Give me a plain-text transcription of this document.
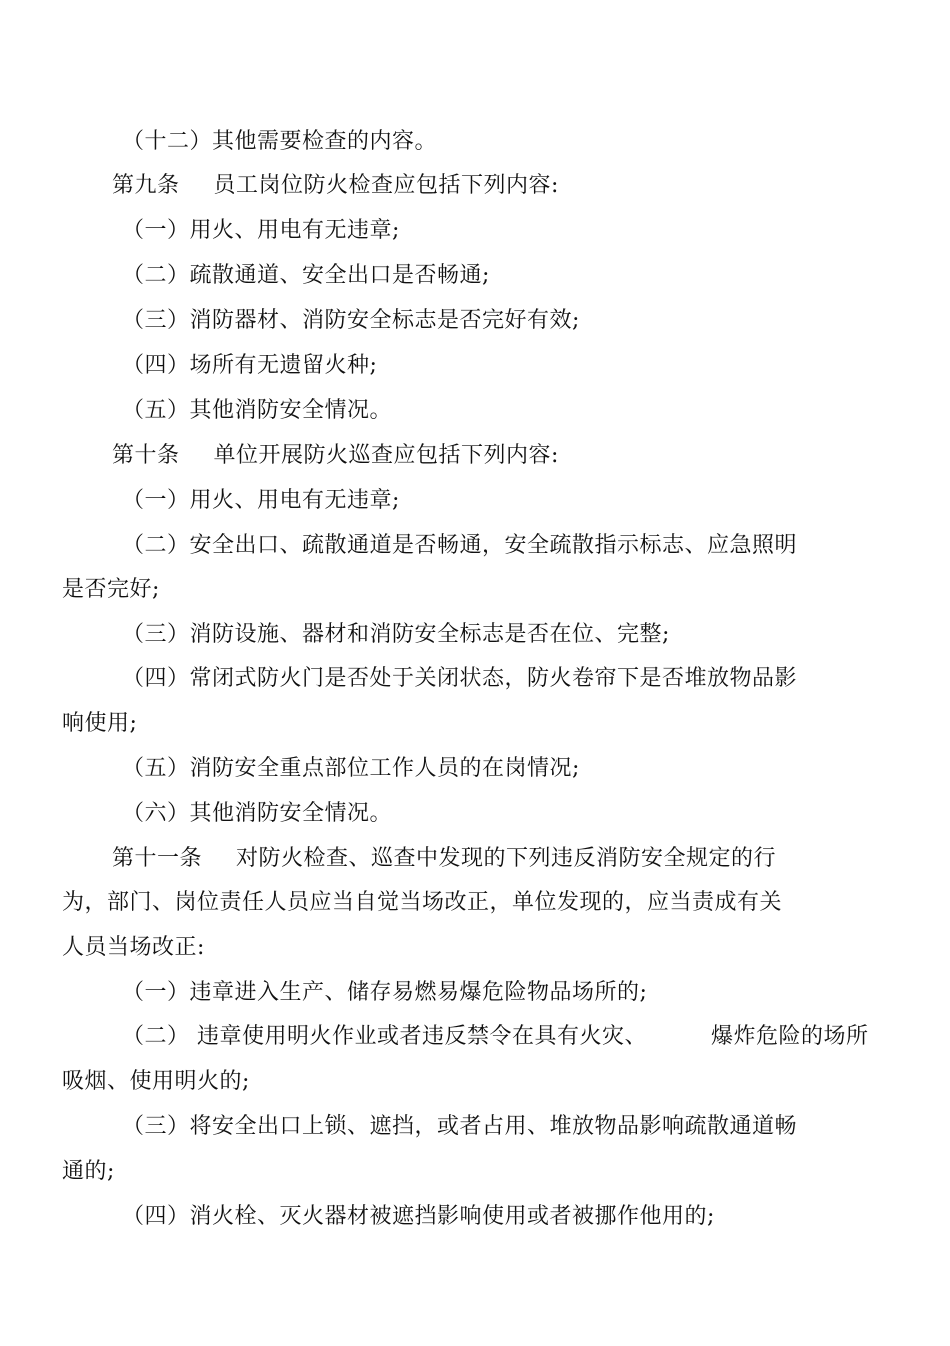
（十二）其他需要检查的内容。
第九条 员工岗位防火检查应包括下列内容:
（一）用火、用电有无违章;
（二）疏散通道、安全出口是否畅通;
（三）消防器材、消防安全标志是否完好有效;
（四）场所有无遗留火种;
（五）其他消防安全情况。
第十条 单位开展防火巡查应包括下列内容:
（一）用火、用电有无违章;
（二）安全出口、疏散通道是否畅通，安全疏散指示标志、应急照明
是否完好;
（三）消防设施、器材和消防安全标志是否在位、完整;
（四）常闭式防火门是否处于关闭状态，防火卷帘下是否堆放物品影
响使用;
（五）消防安全重点部位工作人员的在岗情况;
（六）其他消防安全情况。
第十一条 对防火检查、巡查中发现的下列违反消防安全规定的行
为，部门、岗位责任人员应当自觉当场改正，单位发现的，应当责成有关
人员当场改正:
（一）违章进入生产、储存易燃易爆危险物品场所的;
（二） 违章使用明火作业或者违反禁令在具有火灾、	爆炸危险的场所
吸烟、使用明火的;
（三）将安全出口上锁、遮挡，或者占用、堆放物品影响疏散通道畅
通的;
（四）消火栓、灭火器材被遮挡影响使用或者被挪作他用的;
